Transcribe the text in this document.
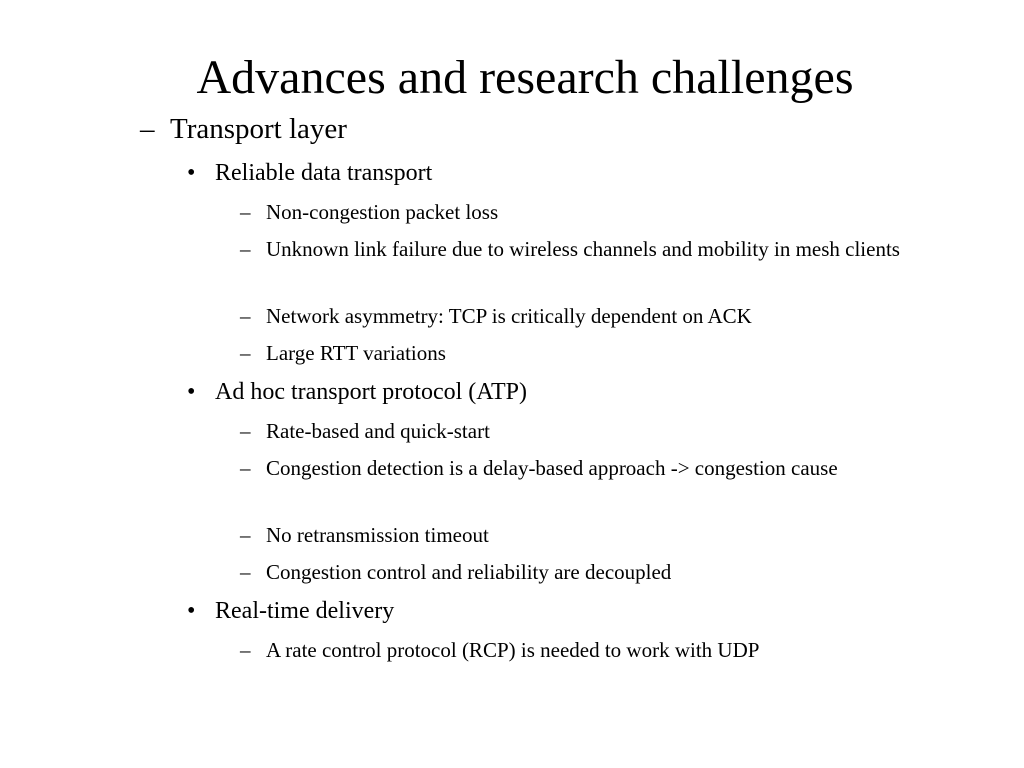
Advances and research challenges
– Transport layer
• Reliable data transport
– Non-congestion packet loss
– Unknown link failure due to wireless channels and mobility in mesh clients
– Network asymmetry: TCP is critically dependent on ACK
– Large RTT variations
• Ad hoc transport protocol (ATP)
– Rate-based and quick-start
– Congestion detection is a delay-based approach -> congestion cause
– No retransmission timeout
– Congestion control and reliability are decoupled
• Real-time delivery
– A rate control protocol (RCP) is needed to work with UDP
